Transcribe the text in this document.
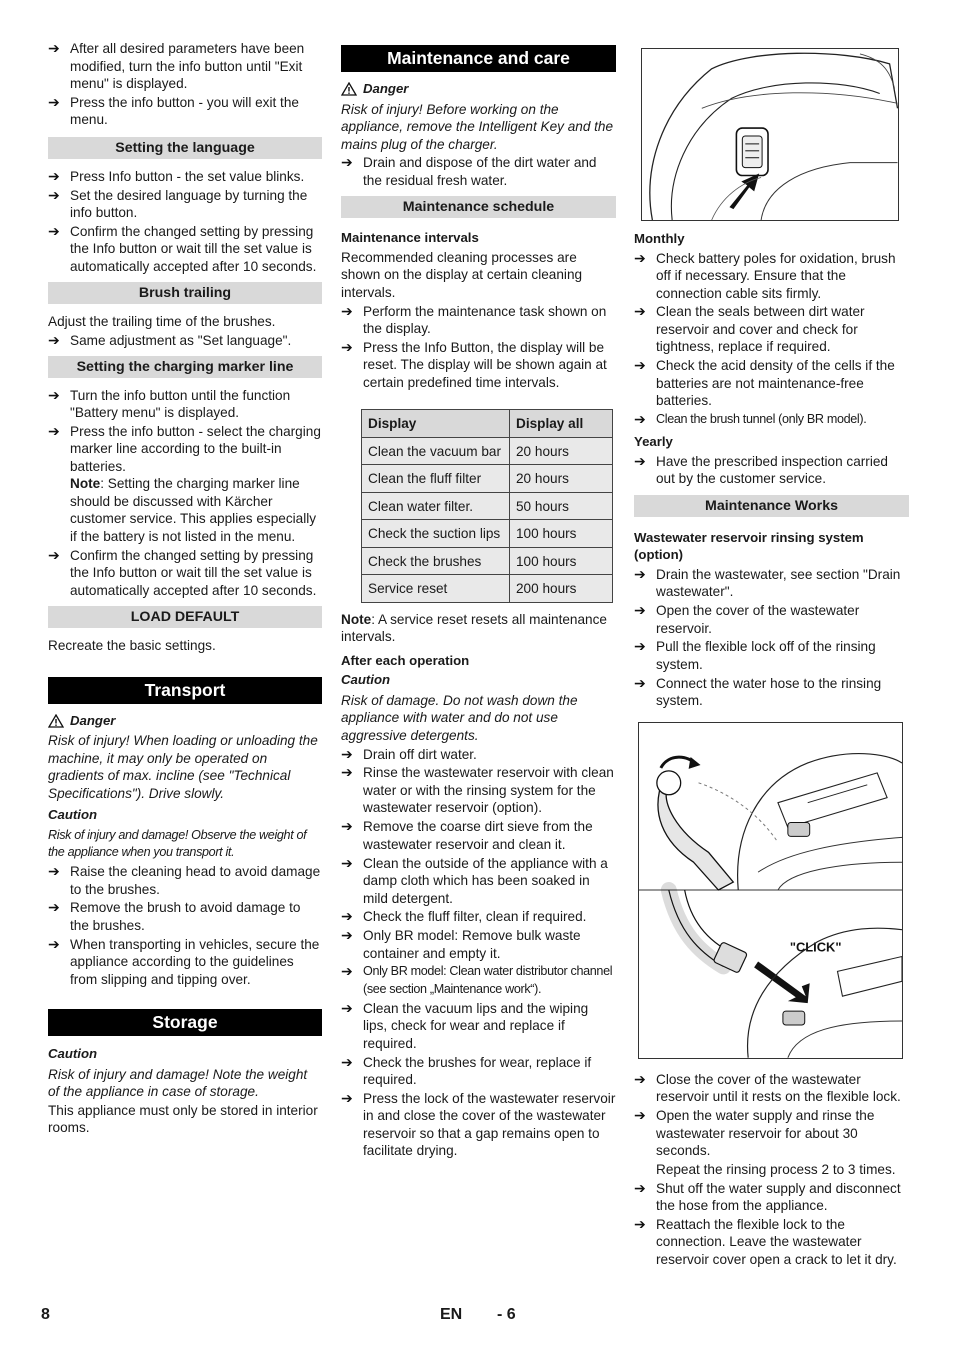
➔ After all desired parameters have been modified, turn the info button until "Exit menu" is displayed.
➔ Press the info button - you will exit the menu.
Setting the language
➔ Press Info button - the set value blinks.
➔ Set the desired language by turning the info button.
➔ Confirm the changed setting by pressing the Info button or wait till the set value is automatically accepted after 10 seconds.
Brush trailing
Adjust the trailing time of the brushes.
➔ Same adjustment as "Set language".
Setting the charging marker line
➔ Turn the info button until the function "Battery menu" is displayed.
➔ Press the info button - select the charging marker line according to the built-in batteries.
Note: Setting the charging marker line should be discussed with Kärcher customer service. This applies especially if the battery is not listed in the menu.
➔ Confirm the changed setting by pressing the Info button or wait till the set value is automatically accepted after 10 seconds.
LOAD DEFAULT
Recreate the basic settings.
Transport
Danger
Risk of injury! When loading or unloading the machine, it may only be operated on gradients of max. incline (see "Technical Specifications"). Drive slowly.
Caution
Risk of injury and damage! Observe the weight of the appliance when you transport it.
➔ Raise the cleaning head to avoid damage to the brushes.
➔ Remove the brush to avoid damage to the brushes.
➔ When transporting in vehicles, secure the appliance according to the guidelines from slipping and tipping over.
Storage
Caution
Risk of injury and damage! Note the weight of the appliance in case of storage.
This appliance must only be stored in interior rooms.
Maintenance and care
Danger
Risk of injury! Before working on the appliance, remove the Intelligent Key and the mains plug of the charger.
➔ Drain and dispose of the dirt water and the residual fresh water.
Maintenance schedule
Maintenance intervals
Recommended cleaning processes are shown on the display at certain cleaning intervals.
➔ Perform the maintenance task shown on the display.
➔ Press the Info Button, the display will be reset. The display will be shown again at certain predefined time intervals.
Display	Display all
Clean the vacuum bar	20 hours
Clean the fluff filter	20 hours
Clean water filter.	50 hours
Check the suction lips	100 hours
Check the brushes	100 hours
Service reset	200 hours
Note: A service reset resets all maintenance intervals.
After each operation
Caution
Risk of damage. Do not wash down the appliance with water and do not use aggressive detergents.
➔ Drain off dirt water.
➔ Rinse the wastewater reservoir with clean water or with the rinsing system for the wastewater reservoir (option).
➔ Remove the coarse dirt sieve from the wastewater reservoir and clean it.
➔ Clean the outside of the appliance with a damp cloth which has been soaked in mild detergent.
➔ Check the fluff filter, clean if required.
➔ Only BR model: Remove bulk waste container and empty it.
➔ Only BR model: Clean water distributor channel (see section „Maintenance work“).
➔ Clean the vacuum lips and the wiping lips, check for wear and replace if required.
➔ Check the brushes for wear, replace if required.
➔ Press the lock of the wastewater reservoir in and close the cover of the wastewater reservoir so that a gap remains open to facilitate drying.
Monthly
➔ Check battery poles for oxidation, brush off if necessary. Ensure that the connection cable sits firmly.
➔ Clean the seals between dirt water reservoir and cover and check for tightness, replace if required.
➔ Check the acid density of the cells if the batteries are not maintenance-free batteries.
➔ Clean the brush tunnel (only BR model).
Yearly
➔ Have the prescribed inspection carried out by the customer service.
Maintenance Works
Wastewater reservoir rinsing system (option)
➔ Drain the wastewater, see section "Drain wastewater".
➔ Open the cover of the wastewater reservoir.
➔ Pull the flexible lock off of the rinsing system.
➔ Connect the water hose to the rinsing system.
"CLICK"
➔ Close the cover of the wastewater reservoir until it rests on the flexible lock.
➔ Open the water supply and rinse the wastewater reservoir for about 30 seconds.
Repeat the rinsing process 2 to 3 times.
➔ Shut off the water supply and disconnect the hose from the appliance.
➔ Reattach the flexible lock to the connection. Leave the wastewater reservoir cover open a crack to let it dry.
8	EN - 6
